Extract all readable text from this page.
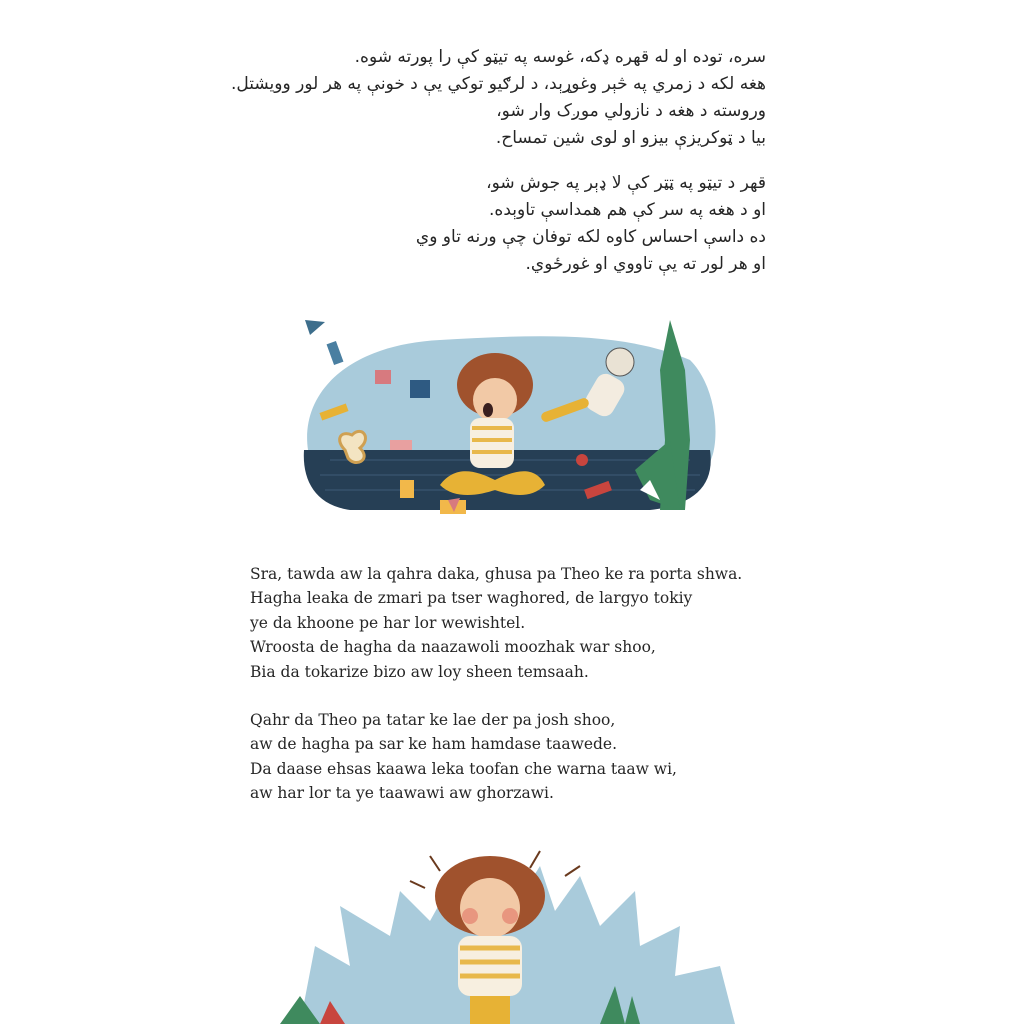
سره، توده او له قهره ډکه، غوسه په تیټو کې را پورته شوه.

هغه لکه د زمري په څېر وغوړېد، د لرګیو توکي یې د خونې په هر لور وویشتل.

وروسته د هغه د نازولي موږک وار شو،

بیا د ټوکریزې بیزو او لوی شین تمساح.

قهر د تیټو په ټټر کې لا ډېر په جوش شو،

او د هغه په سر کې هم همداسې تاوېده.

ده داسې احساس کاوه لکه توفان چې ورنه تاو وي

او هر لور ته یې تاووي او غورځوي.

Sra, tawda aw la qahra daka, ghusa pa Theo ke ra porta shwa.

Hagha leaka de zmari pa tser waghored, de largyo tokiy

ye da khoone pe har lor wewishtel.

Wroosta de hagha da naazawoli moozhak war shoo,

Bia da tokarize bizo aw loy sheen temsaah.

Qahr da Theo pa tatar ke lae der pa josh shoo,

aw de hagha pa sar ke ham hamdase taawede.

Da daase ehsas kaawa leka toofan che warna taaw wi,

aw har lor ta ye taawawi aw ghorzawi.
